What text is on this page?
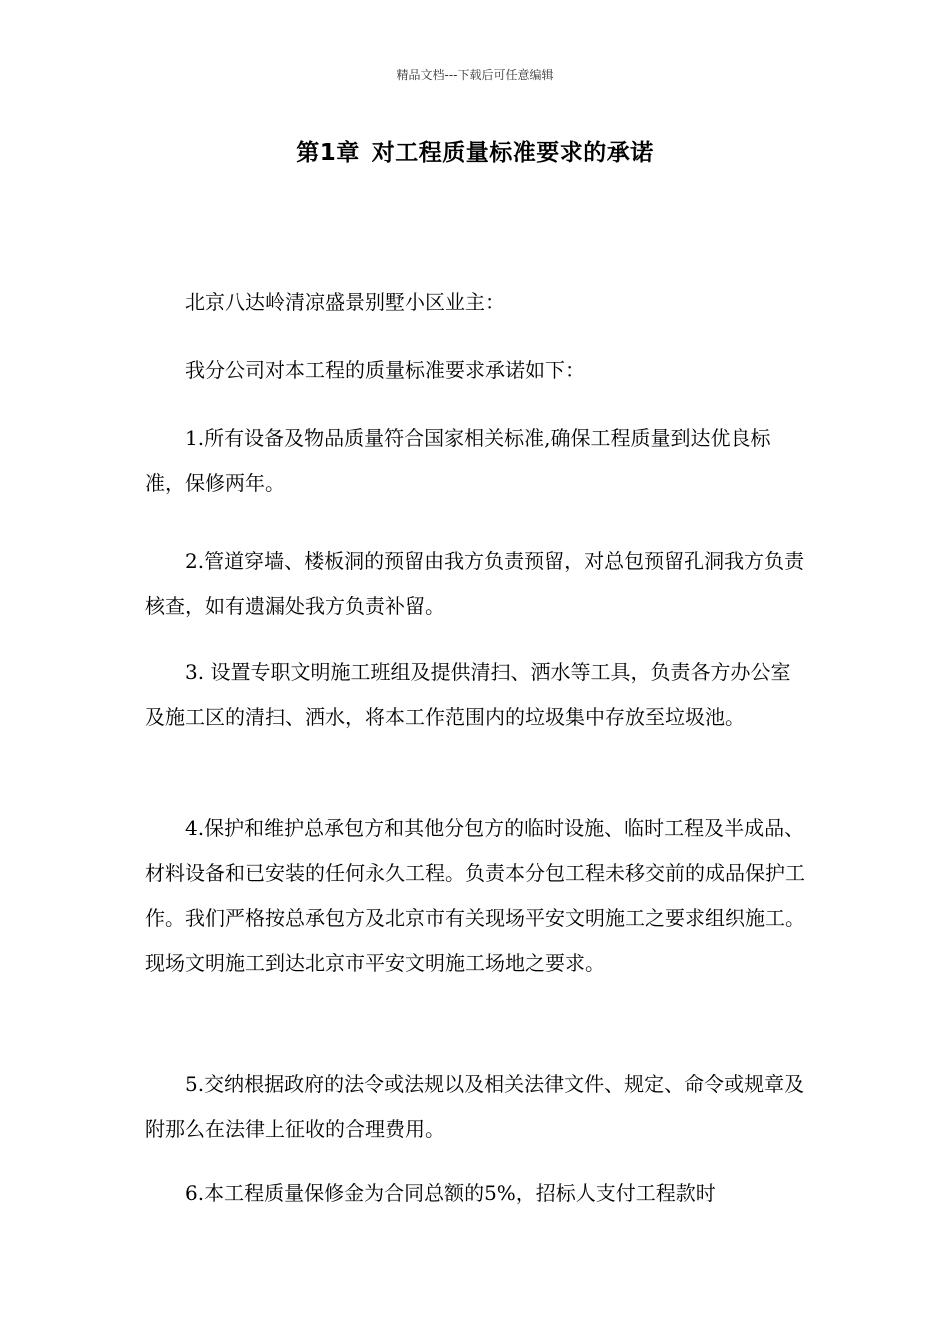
精品文档---下载后可任意编辑
第1章 对工程质量标准要求的承诺

北京八达岭清凉盛景别墅小区业主：

我分公司对本工程的质量标准要求承诺如下：

1.所有设备及物品质量符合国家相关标准,确保工程质量到达优良标准，保修两年。

2.管道穿墙、楼板洞的预留由我方负责预留，对总包预留孔洞我方负责核查，如有遗漏处我方负责补留。

3. 设置专职文明施工班组及提供清扫、洒水等工具，负责各方办公室及施工区的清扫、洒水，将本工作范围内的垃圾集中存放至垃圾池。

4.保护和维护总承包方和其他分包方的临时设施、临时工程及半成品、材料设备和已安装的任何永久工程。负责本分包工程未移交前的成品保护工作。我们严格按总承包方及北京市有关现场平安文明施工之要求组织施工。现场文明施工到达北京市平安文明施工场地之要求。

5.交纳根据政府的法令或法规以及相关法律文件、规定、命令或规章及附那么在法律上征收的合理费用。

6.本工程质量保修金为合同总额的5%，招标人支付工程款时
